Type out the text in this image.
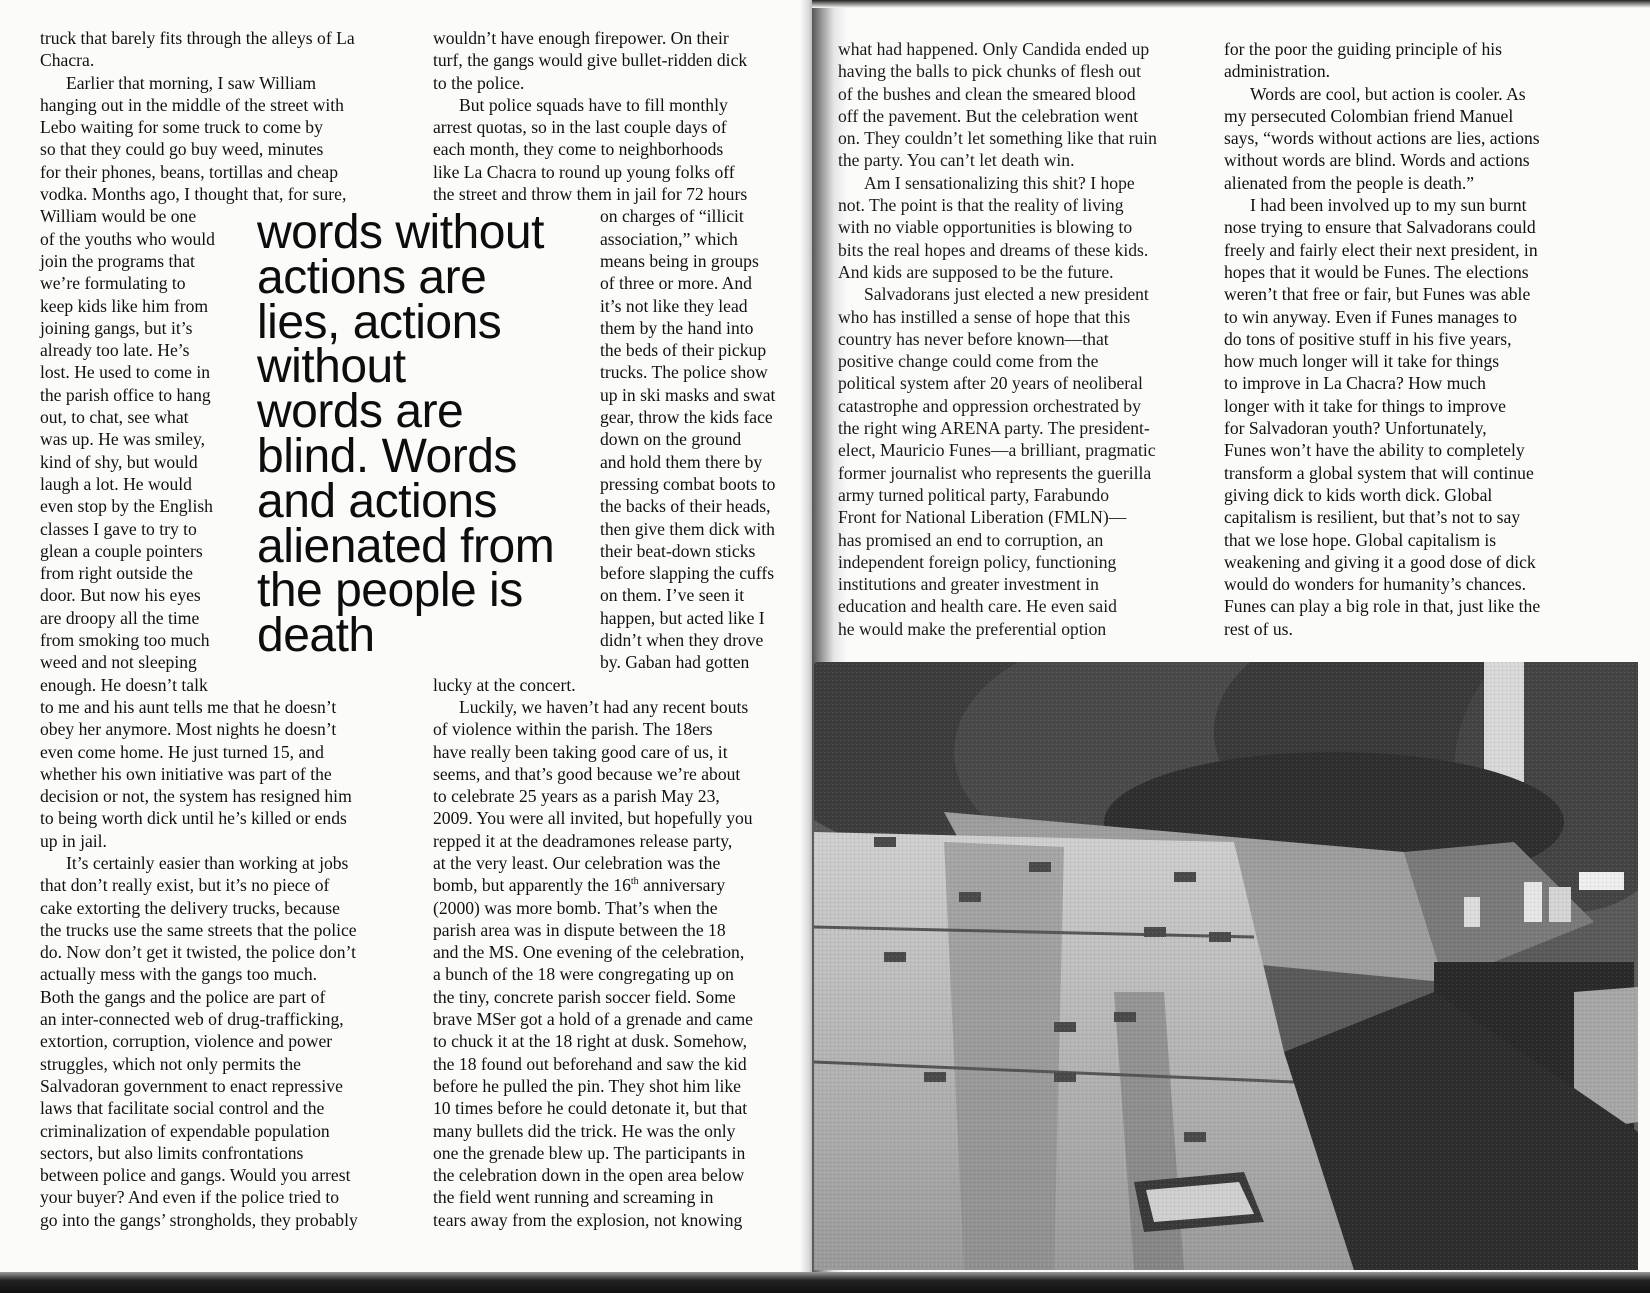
truck that barely fits through the alleys of La
Chacra.

Earlier that morning, I saw William
hanging out in the middle of the street with
Lebo waiting for some truck to come by
so that they could go buy weed, minutes
for their phones, beans, tortillas and cheap
vodka. Months ago, I thought that, for sure,
William would be one
of the youths who would
join the programs that
we’re formulating to
keep kids like him from
joining gangs, but it’s
already too late. He’s
lost. He used to come in
the parish office to hang
out, to chat, see what
was up. He was smiley,
kind of shy, but would
laugh a lot. He would
even stop by the English
classes I gave to try to
glean a couple pointers
from right outside the
door. But now his eyes
are droopy all the time
from smoking too much
weed and not sleeping
enough. He doesn’t talk
to me and his aunt tells me that he doesn’t
obey her anymore. Most nights he doesn’t
even come home. He just turned 15, and
whether his own initiative was part of the
decision or not, the system has resigned him
to being worth dick until he’s killed or ends
up in jail.

It’s certainly easier than working at jobs
that don’t really exist, but it’s no piece of
cake extorting the delivery trucks, because
the trucks use the same streets that the police
do. Now don’t get it twisted, the police don’t
actually mess with the gangs too much.
Both the gangs and the police are part of
an inter-connected web of drug-trafficking,
extortion, corruption, violence and power
struggles, which not only permits the
Salvadoran government to enact repressive
laws that facilitate social control and the
criminalization of expendable population
sectors, but also limits confrontations
between police and gangs. Would you arrest
your buyer? And even if the police tried to
go into the gangs’ strongholds, they probably

wouldn’t have enough firepower. On their
turf, the gangs would give bullet-ridden dick
to the police.

But police squads have to fill monthly
arrest quotas, so in the last couple days of
each month, they come to neighborhoods
like La Chacra to round up young folks off
the street and throw them in jail for 72 hours
on charges of “illicit
association,” which
means being in groups
of three or more. And
it’s not like they lead
them by the hand into
the beds of their pickup
trucks. The police show
up in ski masks and swat
gear, throw the kids face
down on the ground
and hold them there by
pressing combat boots to
the backs of their heads,
then give them dick with
their beat-down sticks
before slapping the cuffs
on them. I’ve seen it
happen, but acted like I
didn’t when they drove
by. Gaban had gotten
lucky at the concert.

Luckily, we haven’t had any recent bouts
of violence within the parish. The 18ers
have really been taking good care of us, it
seems, and that’s good because we’re about
to celebrate 25 years as a parish May 23,
2009. You were all invited, but hopefully you
repped it at the deadramones release party,
at the very least. Our celebration was the
bomb, but apparently the 16th anniversary
(2000) was more bomb. That’s when the
parish area was in dispute between the 18
and the MS. One evening of the celebration,
a bunch of the 18 were congregating up on
the tiny, concrete parish soccer field. Some
brave MSer got a hold of a grenade and came
to chuck it at the 18 right at dusk. Somehow,
the 18 found out beforehand and saw the kid
before he pulled the pin. They shot him like
10 times before he could detonate it, but that
many bullets did the trick. He was the only
one the grenade blew up. The participants in
the celebration down in the open area below
the field went running and screaming in
tears away from the explosion, not knowing

words without
actions are
lies, actions
without
words are
blind. Words
and actions
alienated from
the people is
death

what had happened. Only Candida ended up
having the balls to pick chunks of flesh out
of the bushes and clean the smeared blood
off the pavement. But the celebration went
on. They couldn’t let something like that ruin
the party. You can’t let death win.

Am I sensationalizing this shit? I hope
not. The point is that the reality of living
with no viable opportunities is blowing to
bits the real hopes and dreams of these kids.
And kids are supposed to be the future.

Salvadorans just elected a new president
who has instilled a sense of hope that this
country has never before known—that
positive change could come from the
political system after 20 years of neoliberal
catastrophe and oppression orchestrated by
the right wing ARENA party. The president-
elect, Mauricio Funes—a brilliant, pragmatic
former journalist who represents the guerilla
army turned political party, Farabundo
Front for National Liberation (FMLN)—
has promised an end to corruption, an
independent foreign policy, functioning
institutions and greater investment in
education and health care. He even said
he would make the preferential option

for the poor the guiding principle of his
administration.

Words are cool, but action is cooler. As
my persecuted Colombian friend Manuel
says, “words without actions are lies, actions
without words are blind. Words and actions
alienated from the people is death.”

I had been involved up to my sun burnt
nose trying to ensure that Salvadorans could
freely and fairly elect their next president, in
hopes that it would be Funes. The elections
weren’t that free or fair, but Funes was able
to win anyway. Even if Funes manages to
do tons of positive stuff in his five years,
how much longer will it take for things
to improve in La Chacra? How much
longer with it take for things to improve
for Salvadoran youth? Unfortunately,
Funes won’t have the ability to completely
transform a global system that will continue
giving dick to kids worth dick. Global
capitalism is resilient, but that’s not to say
that we lose hope. Global capitalism is
weakening and giving it a good dose of dick
would do wonders for humanity’s chances.
Funes can play a big role in that, just like the
rest of us.
